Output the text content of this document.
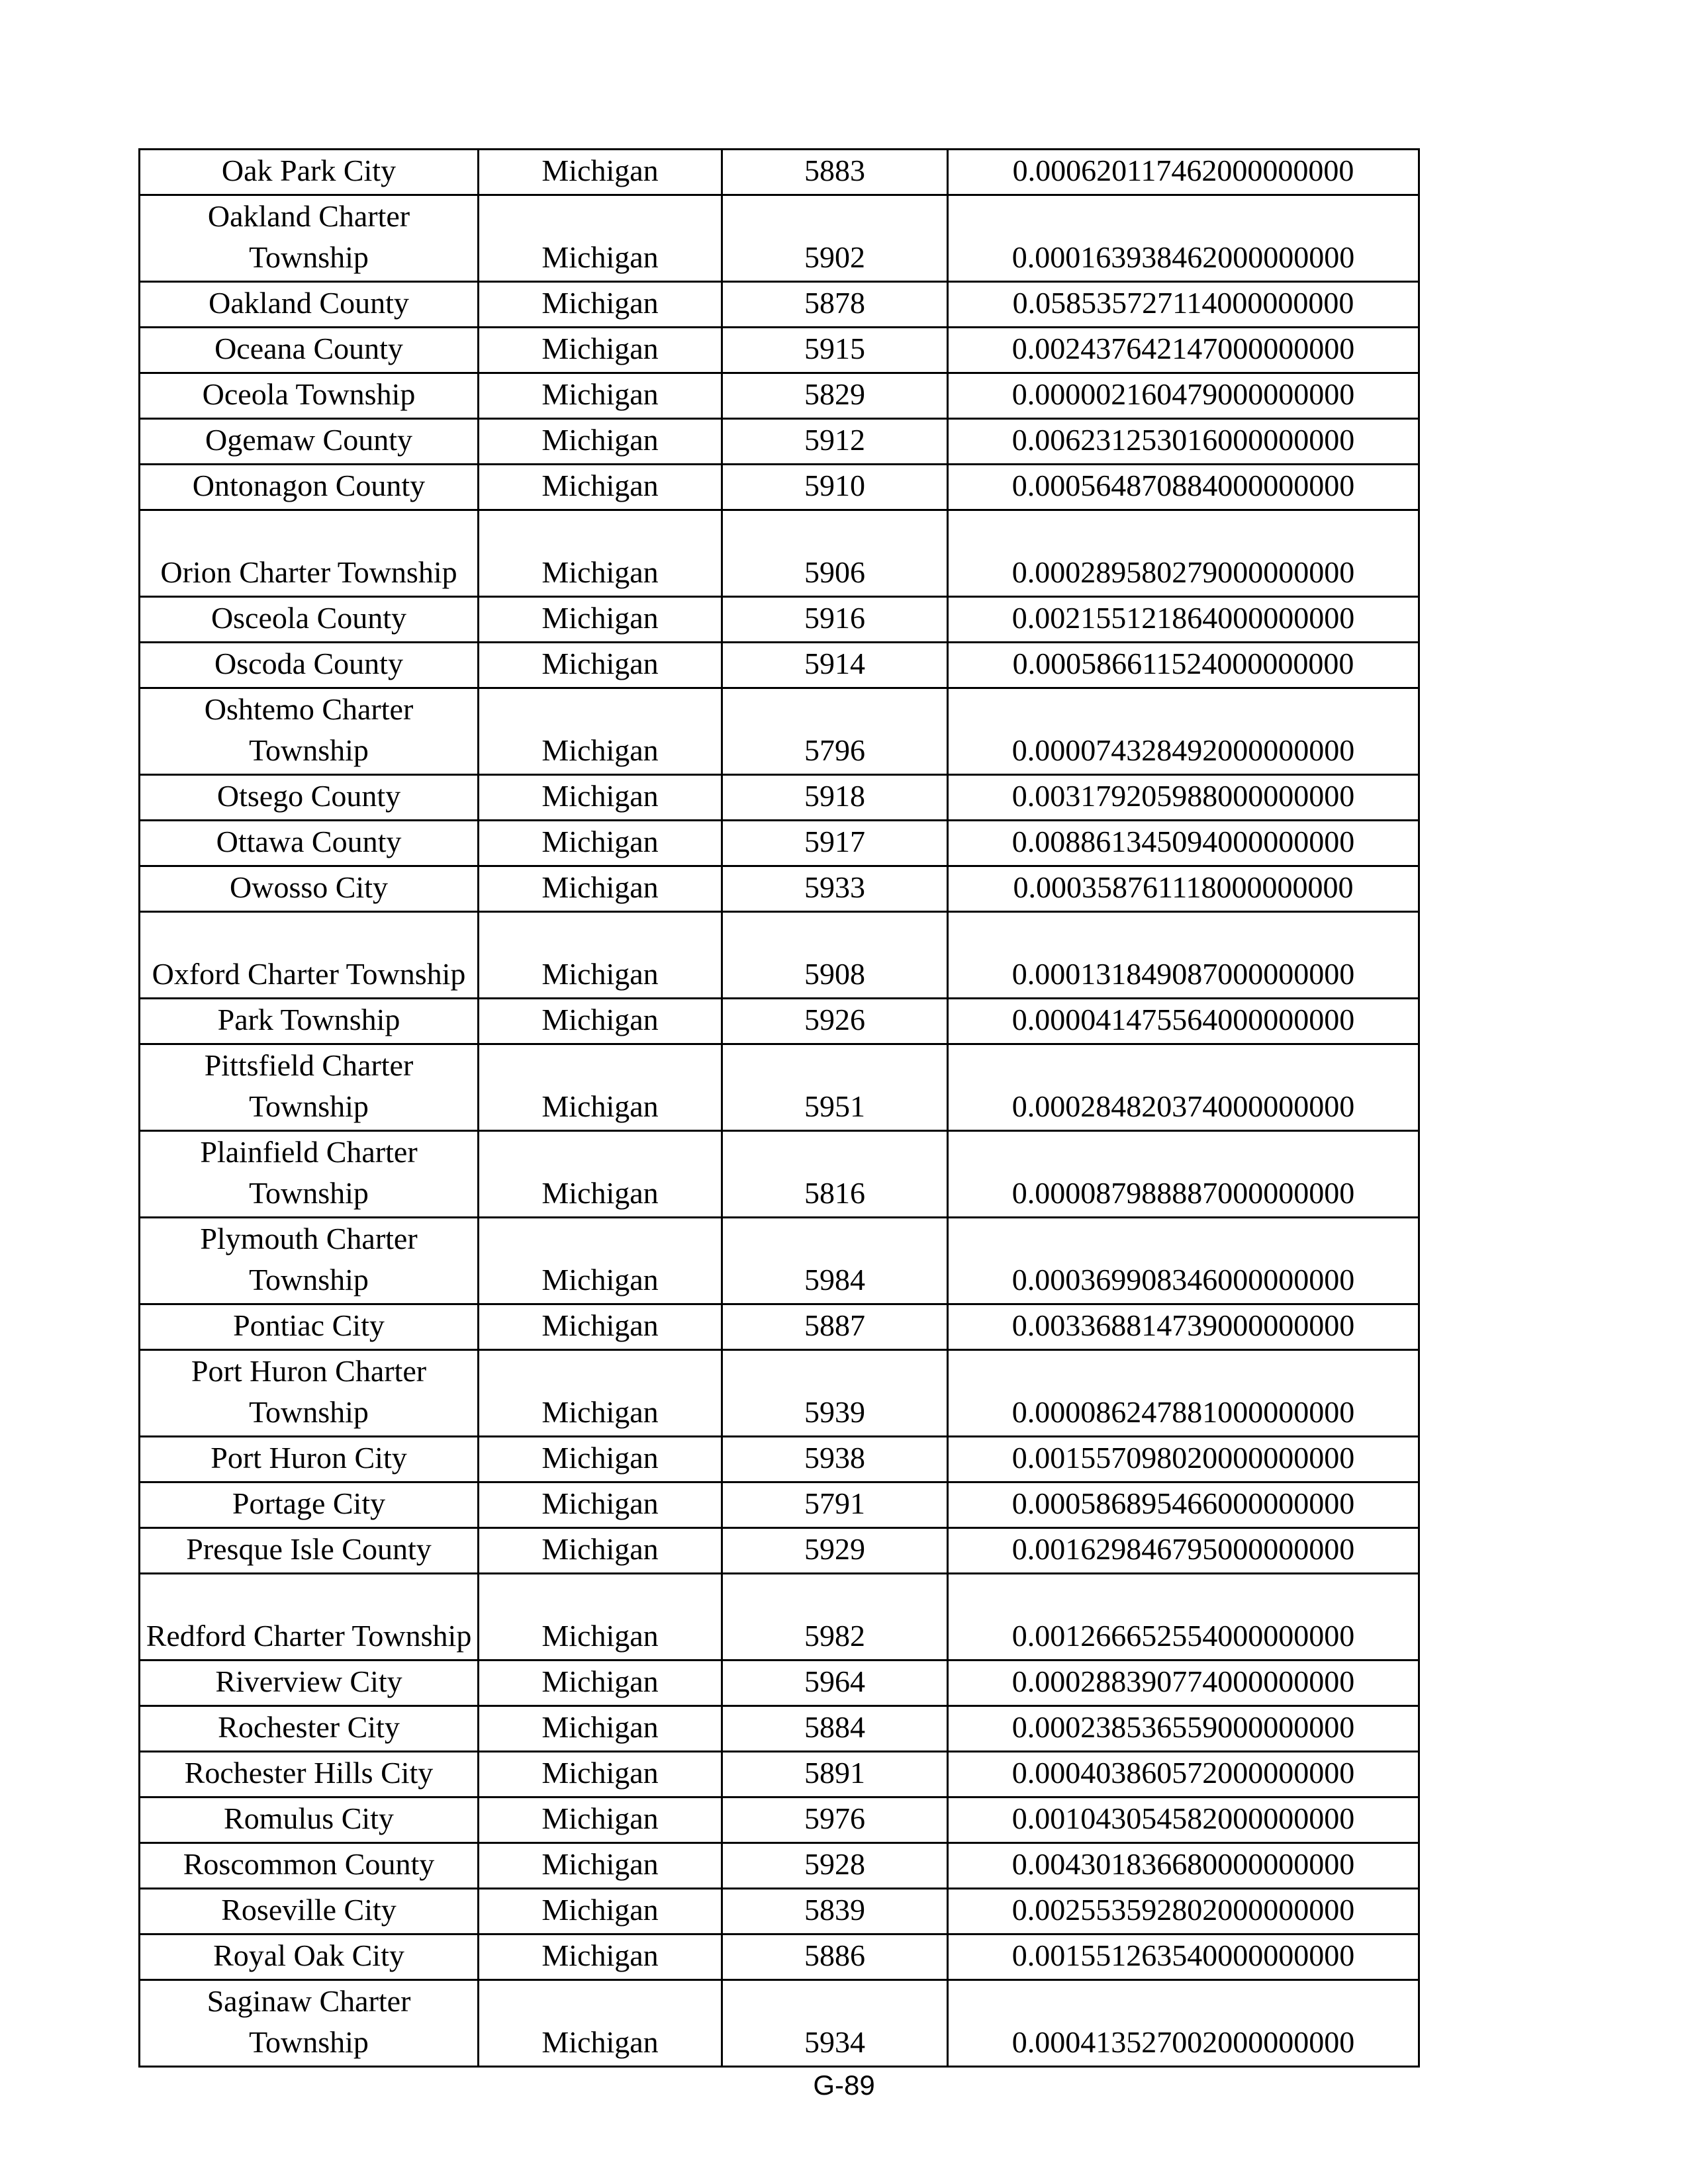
Oak Park City	Michigan	5883	0.000620117462000000000
Oakland Charter Township	Michigan	5902	0.000163938462000000000
Oakland County	Michigan	5878	0.058535727114000000000
Oceana County	Michigan	5915	0.002437642147000000000
Oceola Township	Michigan	5829	0.000002160479000000000
Ogemaw County	Michigan	5912	0.006231253016000000000
Ontonagon County	Michigan	5910	0.000564870884000000000
Orion Charter Township	Michigan	5906	0.000289580279000000000
Osceola County	Michigan	5916	0.002155121864000000000
Oscoda County	Michigan	5914	0.000586611524000000000
Oshtemo Charter Township	Michigan	5796	0.000074328492000000000
Otsego County	Michigan	5918	0.003179205988000000000
Ottawa County	Michigan	5917	0.008861345094000000000
Owosso City	Michigan	5933	0.000358761118000000000
Oxford Charter Township	Michigan	5908	0.000131849087000000000
Park Township	Michigan	5926	0.000041475564000000000
Pittsfield Charter Township	Michigan	5951	0.000284820374000000000
Plainfield Charter Township	Michigan	5816	0.000087988887000000000
Plymouth Charter Township	Michigan	5984	0.000369908346000000000
Pontiac City	Michigan	5887	0.003368814739000000000
Port Huron Charter Township	Michigan	5939	0.000086247881000000000
Port Huron City	Michigan	5938	0.001557098020000000000
Portage City	Michigan	5791	0.000586895466000000000
Presque Isle County	Michigan	5929	0.001629846795000000000
Redford Charter Township	Michigan	5982	0.001266652554000000000
Riverview City	Michigan	5964	0.000288390774000000000
Rochester City	Michigan	5884	0.000238536559000000000
Rochester Hills City	Michigan	5891	0.000403860572000000000
Romulus City	Michigan	5976	0.001043054582000000000
Roscommon County	Michigan	5928	0.004301836680000000000
Roseville City	Michigan	5839	0.002553592802000000000
Royal Oak City	Michigan	5886	0.001551263540000000000
Saginaw Charter Township	Michigan	5934	0.000413527002000000000
G-89
